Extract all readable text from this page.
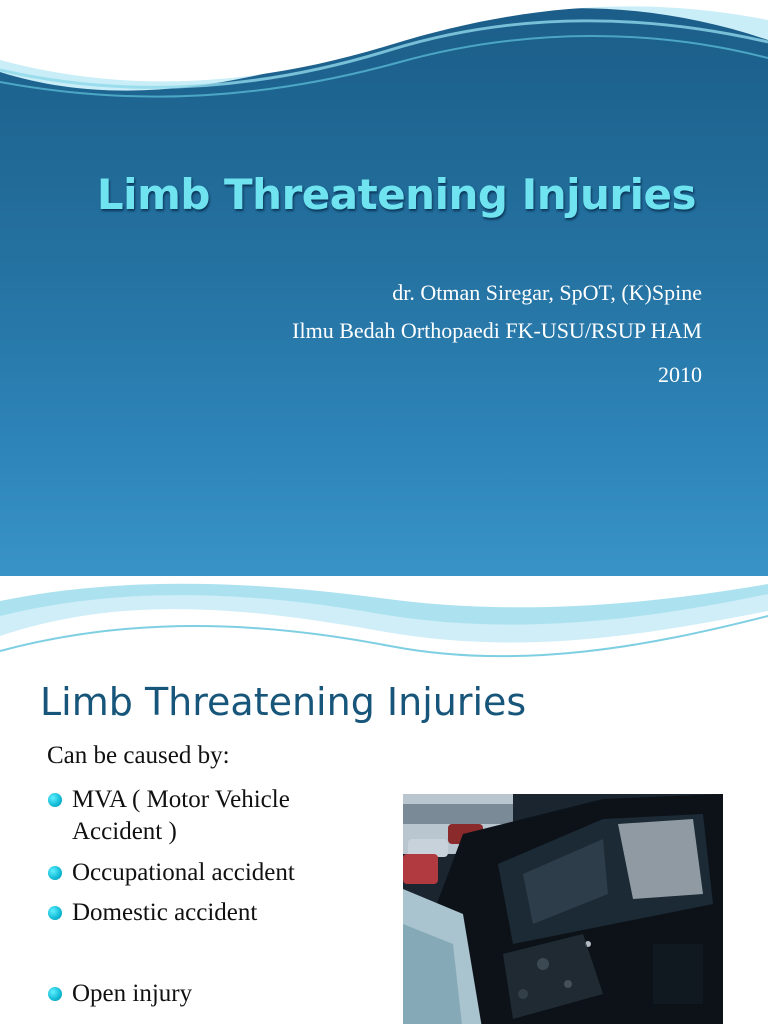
Limb Threatening Injuries
dr. Otman Siregar, SpOT, (K)Spine
Ilmu Bedah Orthopaedi FK-USU/RSUP HAM
2010
Limb Threatening Injuries
Can be caused by:
MVA ( Motor Vehicle
Accident )
Occupational accident
Domestic accident
Open injury
